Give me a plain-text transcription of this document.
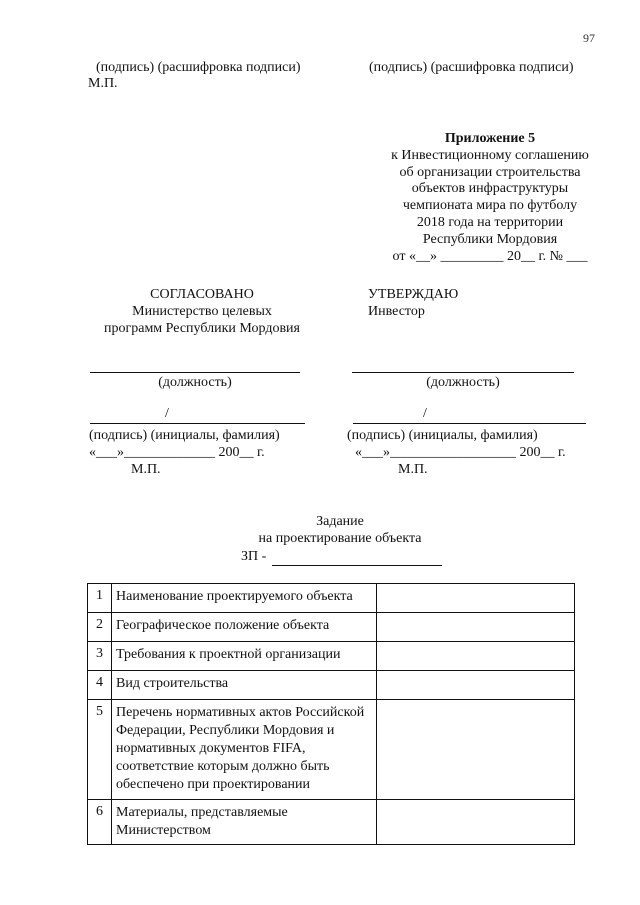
97
(подпись) (расшифровка подписи)	(подпись) (расшифровка подписи)
М.П.
Приложение 5
к Инвестиционному соглашению
об организации строительства
объектов инфраструктуры
чемпионата мира по футболу
2018 года на территории
Республики Мордовия
от «__» _________ 20__ г. № ___
СОГЛАСОВАНО
Министерство целевых
программ Республики Мордовия
(должность)
/
(подпись) (инициалы, фамилия)
«___»_____________ 200__ г.
М.П.
УТВЕРЖДАЮ
Инвестор
(должность)
/
(подпись) (инициалы, фамилия)
«___»__________________ 200__ г.
М.П.
Задание
на проектирование объекта
ЗП -
1	Наименование проектируемого объекта	
2	Географическое положение объекта	
3	Требования к проектной организации	
4	Вид строительства	
5	Перечень нормативных актов Российской Федерации, Республики Мордовия и нормативных документов FIFA, соответствие которым должно быть обеспечено при проектировании	
6	Материалы, представляемые Министерством	
